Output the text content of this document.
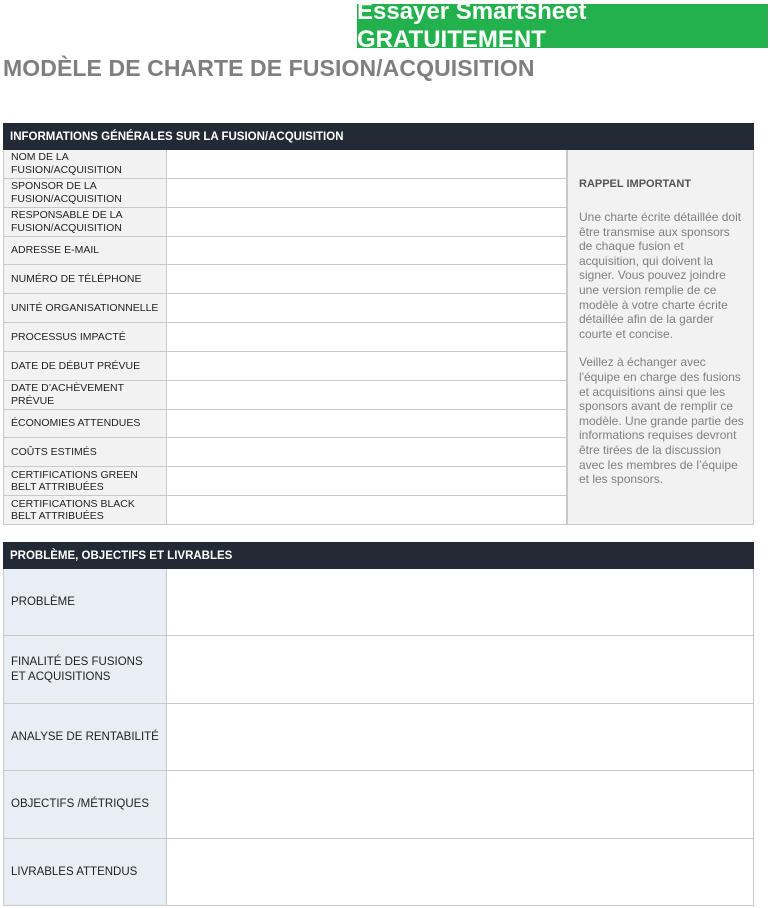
Essayer Smartsheet GRATUITEMENT
MODÈLE DE CHARTE DE FUSION/ACQUISITION
INFORMATIONS GÉNÉRALES SUR LA FUSION/ACQUISITION
NOM DE LA FUSION/ACQUISITION
SPONSOR DE LA FUSION/ACQUISITION
RESPONSABLE DE LA FUSION/ACQUISITION
ADRESSE E-MAIL
NUMÉRO DE TÉLÉPHONE
UNITÉ ORGANISATIONNELLE
PROCESSUS IMPACTÉ
DATE DE DÉBUT PRÉVUE
DATE D’ACHÈVEMENT PRÉVUE
ÉCONOMIES ATTENDUES
COÛTS ESTIMÉS
CERTIFICATIONS GREEN BELT ATTRIBUÉES
CERTIFICATIONS BLACK BELT ATTRIBUÉES
RAPPEL IMPORTANT
Une charte écrite détaillée doit être transmise aux sponsors de chaque fusion et acquisition, qui doivent la signer. Vous pouvez joindre une version remplie de ce modèle à votre charte écrite détaillée afin de la garder courte et concise.
Veillez à échanger avec l'équipe en charge des fusions et acquisitions ainsi que les sponsors avant de remplir ce modèle. Une grande partie des informations requises devront être tirées de la discussion avec les membres de l’équipe et les sponsors.
PROBLÈME, OBJECTIFS ET LIVRABLES
PROBLÈME
FINALITÉ DES FUSIONS ET ACQUISITIONS
ANALYSE DE RENTABILITÉ
OBJECTIFS /MÉTRIQUES
LIVRABLES ATTENDUS
